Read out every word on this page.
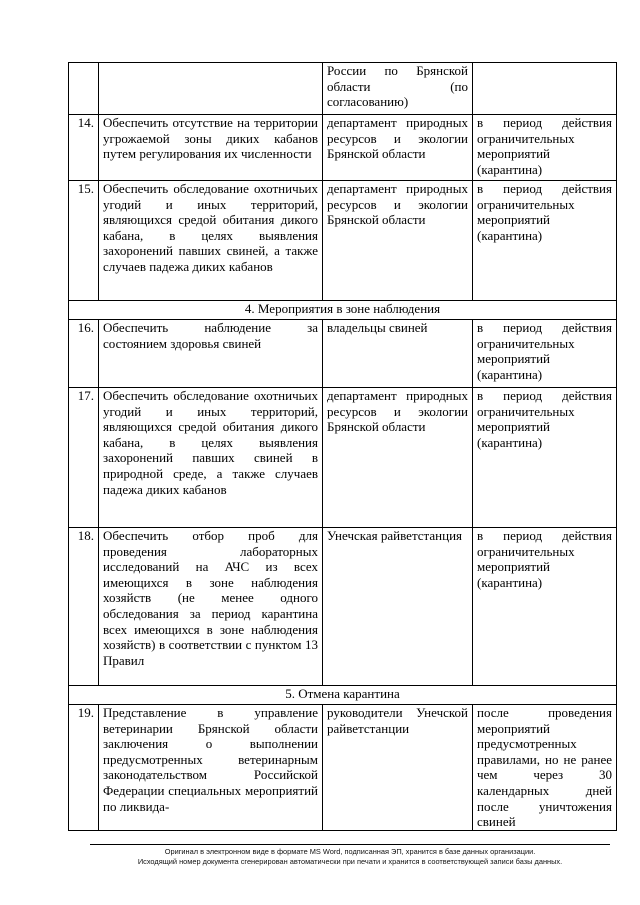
		России по Брянской области (по согласованию)	
14.	Обеспечить отсутствие на территории угрожаемой зоны диких кабанов путем регулирования их численности	департамент природных ресурсов и экологии Брянской области	в период действия ограничительных мероприятий (карантина)
15.	Обеспечить обследование охотничьих угодий и иных территорий, являющихся средой обитания дикого кабана, в целях выявления захоронений павших свиней, а также случаев падежа диких кабанов	департамент природных ресурсов и экологии Брянской области	в период действия ограничительных мероприятий (карантина)
4. Мероприятия в зоне наблюдения			
16.	Обеспечить наблюдение за состоянием здоровья свиней	владельцы свиней	в период действия ограничительных мероприятий (карантина)
17.	Обеспечить обследование охотничьих угодий и иных территорий, являющихся средой обитания дикого кабана, в целях выявления захоронений павших свиней в природной среде, а также случаев падежа диких кабанов	департамент природных ресурсов и экологии Брянской области	в период действия ограничительных мероприятий (карантина)
18.	Обеспечить отбор проб для проведения лабораторных исследований на АЧС из всех имеющихся в зоне наблюдения хозяйств (не менее одного обследования за период карантина всех имеющихся в зоне наблюдения хозяйств) в соответствии с пунктом 13 Правил	Унечская райветстанция	в период действия ограничительных мероприятий (карантина)
5. Отмена карантина			
19.	Представление в управление ветеринарии Брянской области заключения о выполнении предусмотренных ветеринарным законодательством Российской Федерации специальных мероприятий по ликвида-	руководители Унечской райветстанции	после проведения мероприятий предусмотренных правилами, но не ранее чем через 30 календарных дней после уничтожения свиней
Оригинал в электронном виде в формате MS Word, подписанная ЭП, хранится в базе данных организации.
Исходящий номер документа сгенерирован автоматически при печати и хранится в соответствующей записи базы данных.
